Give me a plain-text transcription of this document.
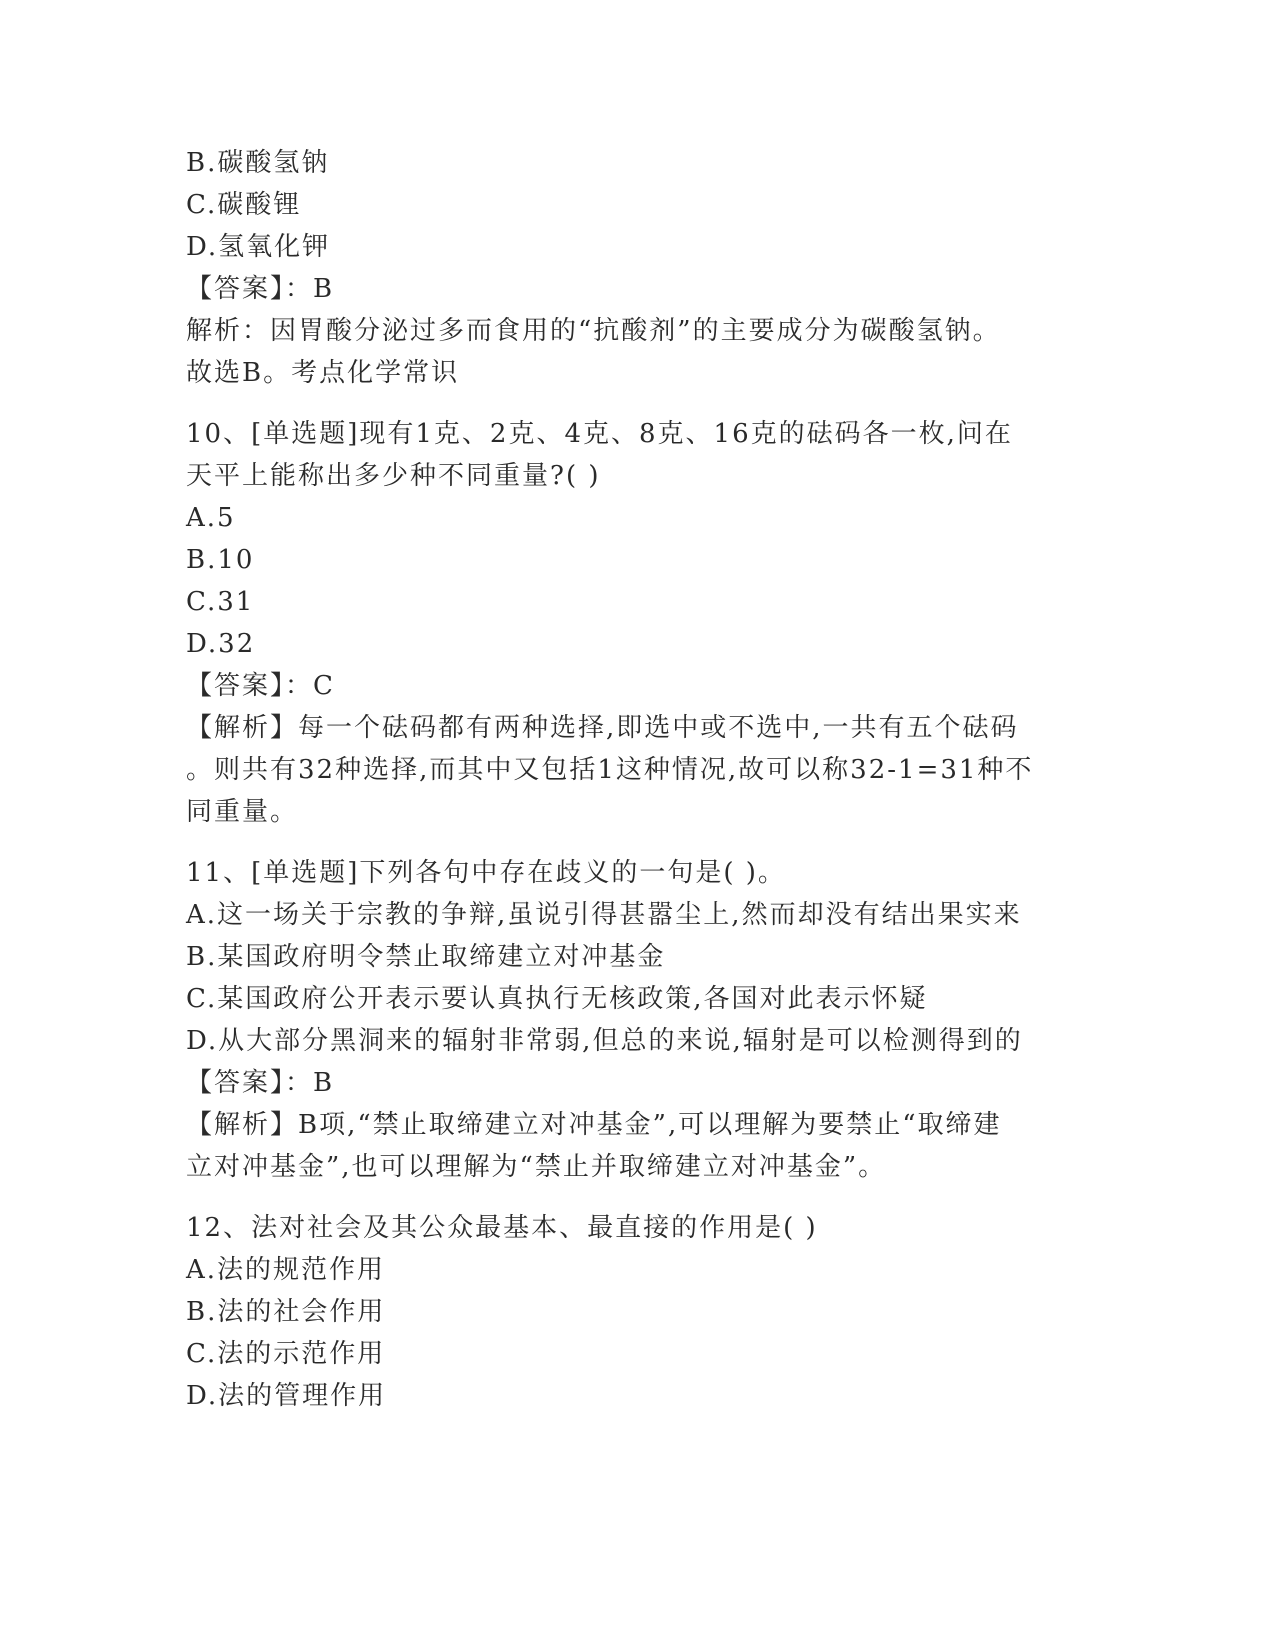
B.碳酸氢钠
C.碳酸锂
D.氢氧化钾
【答案】：B
解析：因胃酸分泌过多而食用的“抗酸剂”的主要成分为碳酸氢钠。
故选B。考点化学常识
10、[单选题]现有1克、2克、4克、8克、16克的砝码各一枚,问在
天平上能称出多少种不同重量?( )
A.5
B.10
C.31
D.32
【答案】：C
【解析】每一个砝码都有两种选择,即选中或不选中,一共有五个砝码
。则共有32种选择,而其中又包括1这种情况,故可以称32-1=31种不
同重量。
11、[单选题]下列各句中存在歧义的一句是( )。
A.这一场关于宗教的争辩,虽说引得甚嚣尘上,然而却没有结出果实来
B.某国政府明令禁止取缔建立对冲基金
C.某国政府公开表示要认真执行无核政策,各国对此表示怀疑
D.从大部分黑洞来的辐射非常弱,但总的来说,辐射是可以检测得到的
【答案】：B
【解析】B项,“禁止取缔建立对冲基金”,可以理解为要禁止“取缔建
立对冲基金”,也可以理解为“禁止并取缔建立对冲基金”。
12、法对社会及其公众最基本、最直接的作用是( )
A.法的规范作用
B.法的社会作用
C.法的示范作用
D.法的管理作用
